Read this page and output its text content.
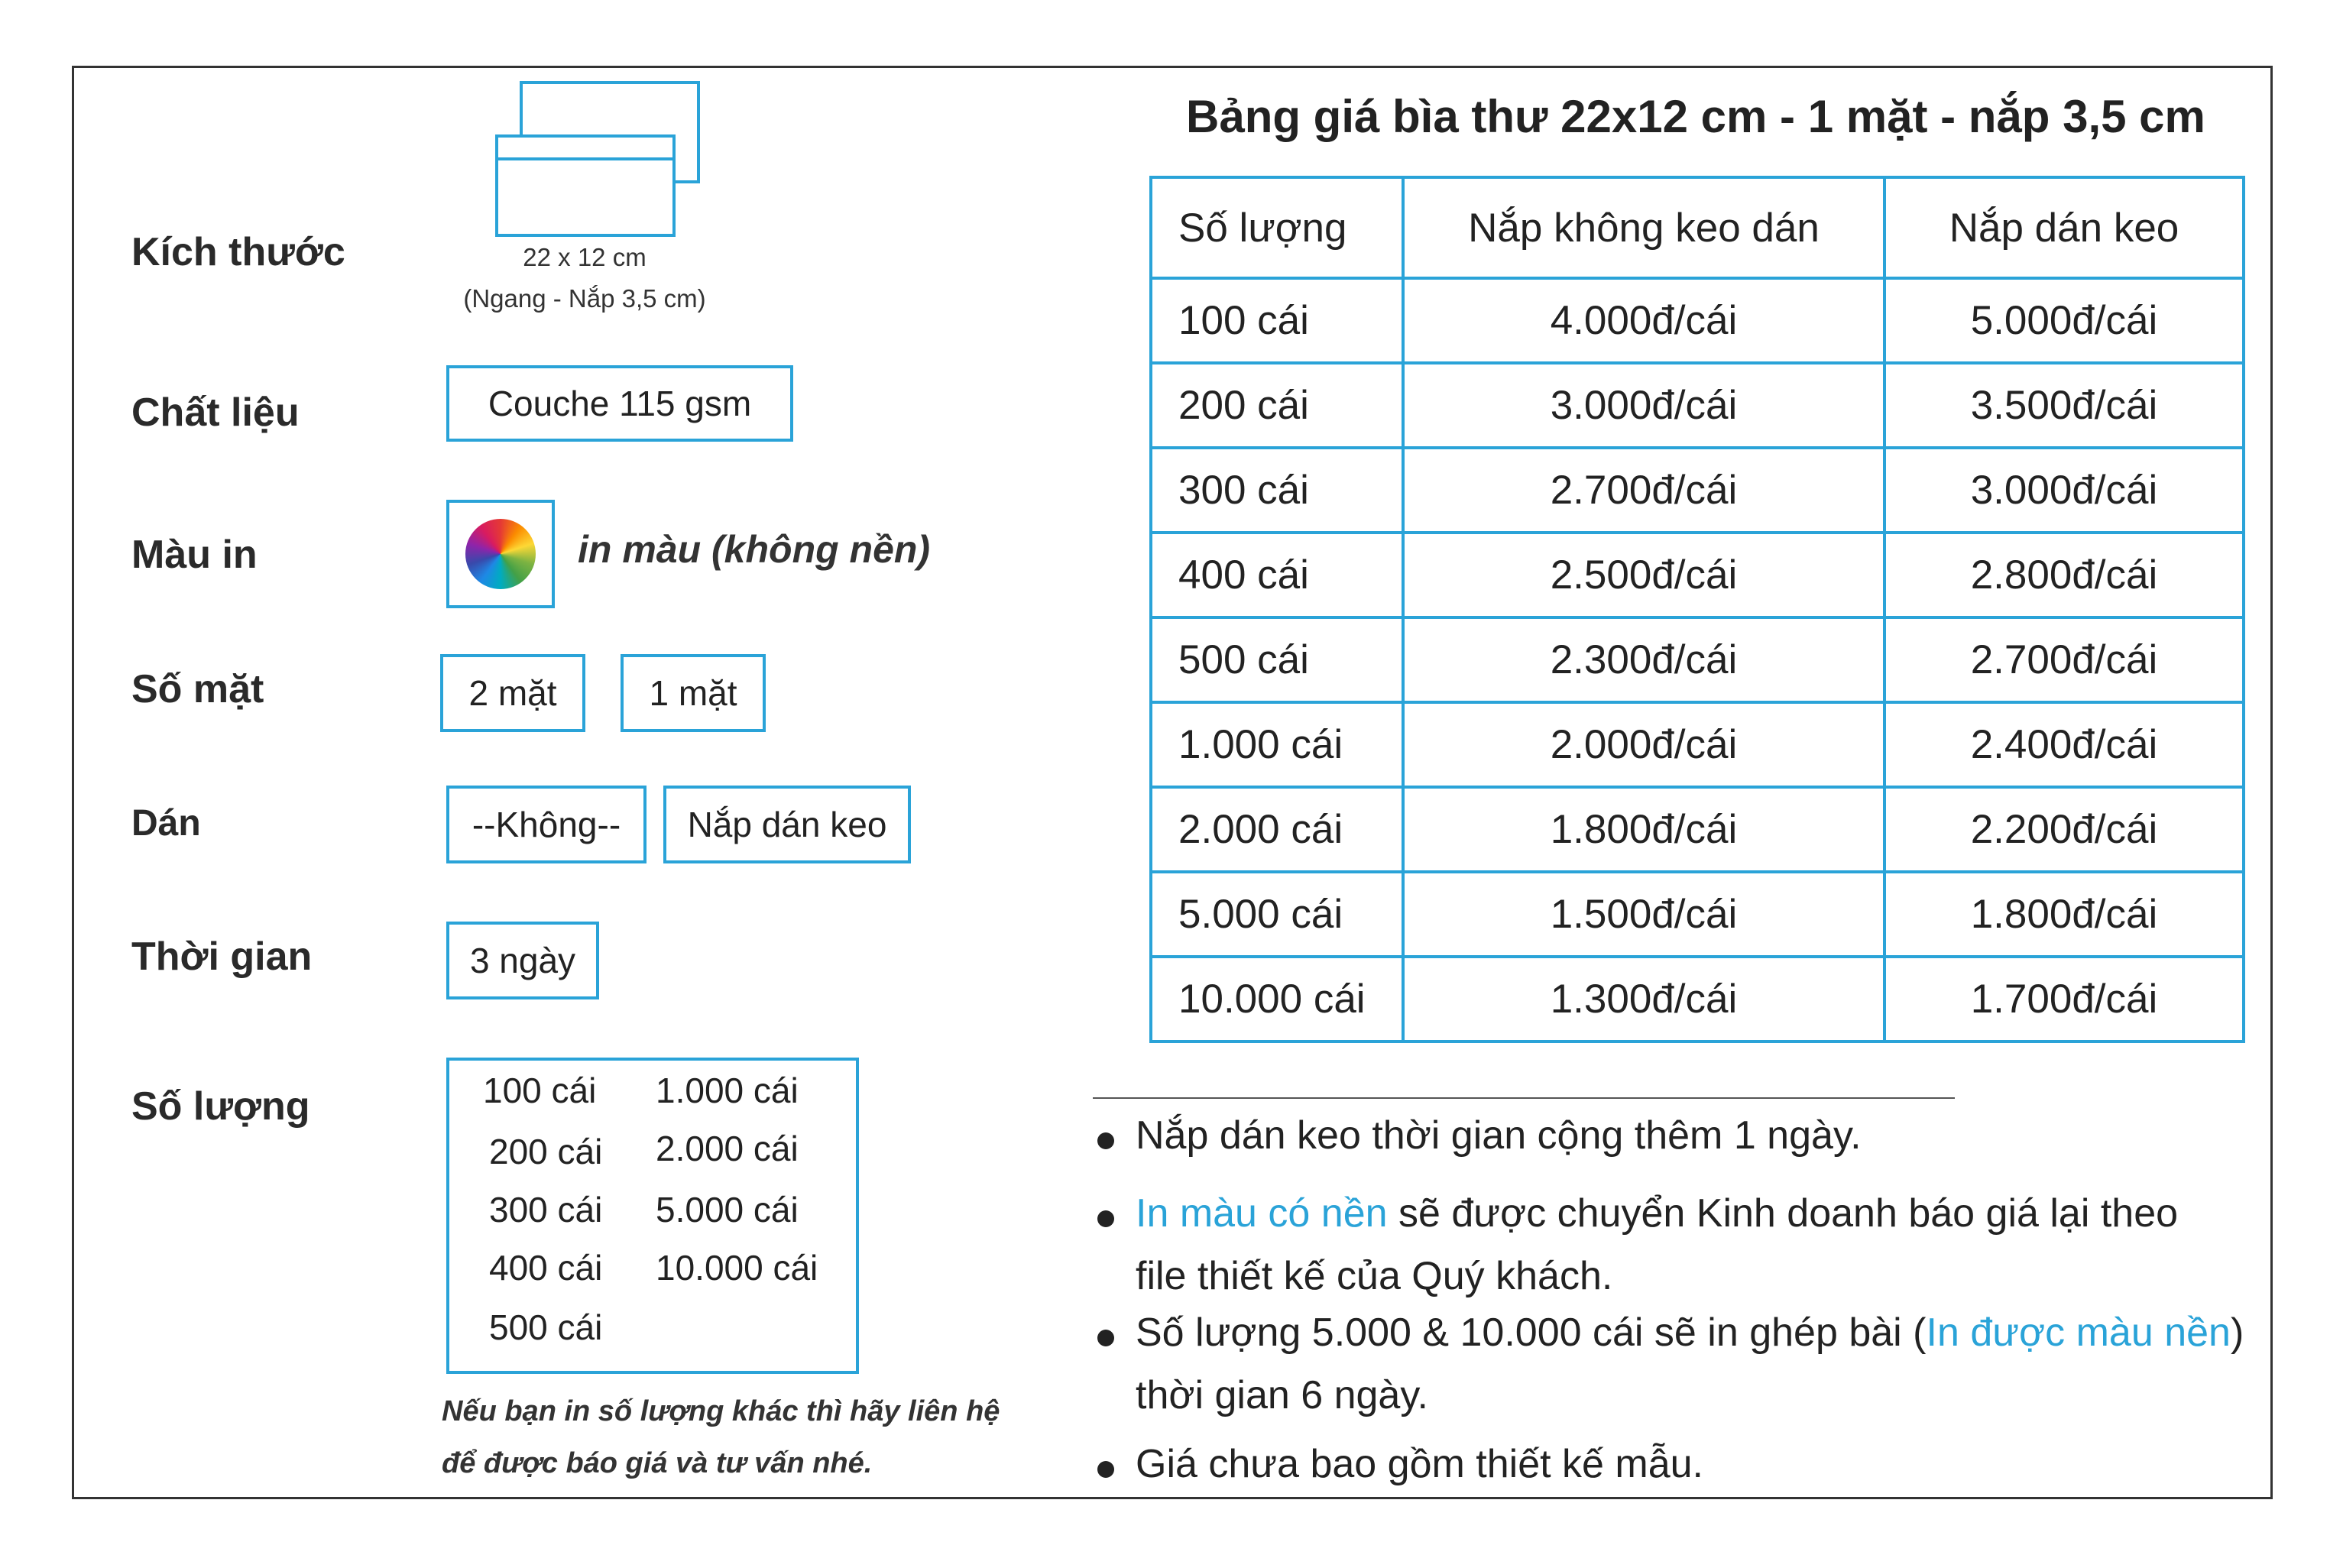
Kích thước	22 x 12 cm
(Ngang - Nắp 3,5 cm)
Chất liệu	Couche 115 gsm
Màu in	in màu (không nền)
Số mặt	2 mặt	1 mặt
Dán	--Không--	Nắp dán keo
Thời gian	3 ngày
Số lượng	100 cái 1.000 cái
200 cái 2.000 cái
300 cái 5.000 cái
400 cái 10.000 cái
500 cái
Nếu bạn in số lượng khác thì hãy liên hệ
để được báo giá và tư vấn nhé.
Bảng giá bìa thư 22x12 cm - 1 mặt - nắp 3,5 cm
Số lượng	Nắp không keo dán	Nắp dán keo
100 cái	4.000đ/cái	5.000đ/cái
200 cái	3.000đ/cái	3.500đ/cái
300 cái	2.700đ/cái	3.000đ/cái
400 cái	2.500đ/cái	2.800đ/cái
500 cái	2.300đ/cái	2.700đ/cái
1.000 cái	2.000đ/cái	2.400đ/cái
2.000 cái	1.800đ/cái	2.200đ/cái
5.000 cái	1.500đ/cái	1.800đ/cái
10.000 cái	1.300đ/cái	1.700đ/cái
Nắp dán keo thời gian cộng thêm 1 ngày.
In màu có nền sẽ được chuyển Kinh doanh báo giá lại theo
file thiết kế của Quý khách.
Số lượng 5.000 & 10.000 cái sẽ in ghép bài (In được màu nền)
thời gian 6 ngày.
Giá chưa bao gồm thiết kế mẫu.
